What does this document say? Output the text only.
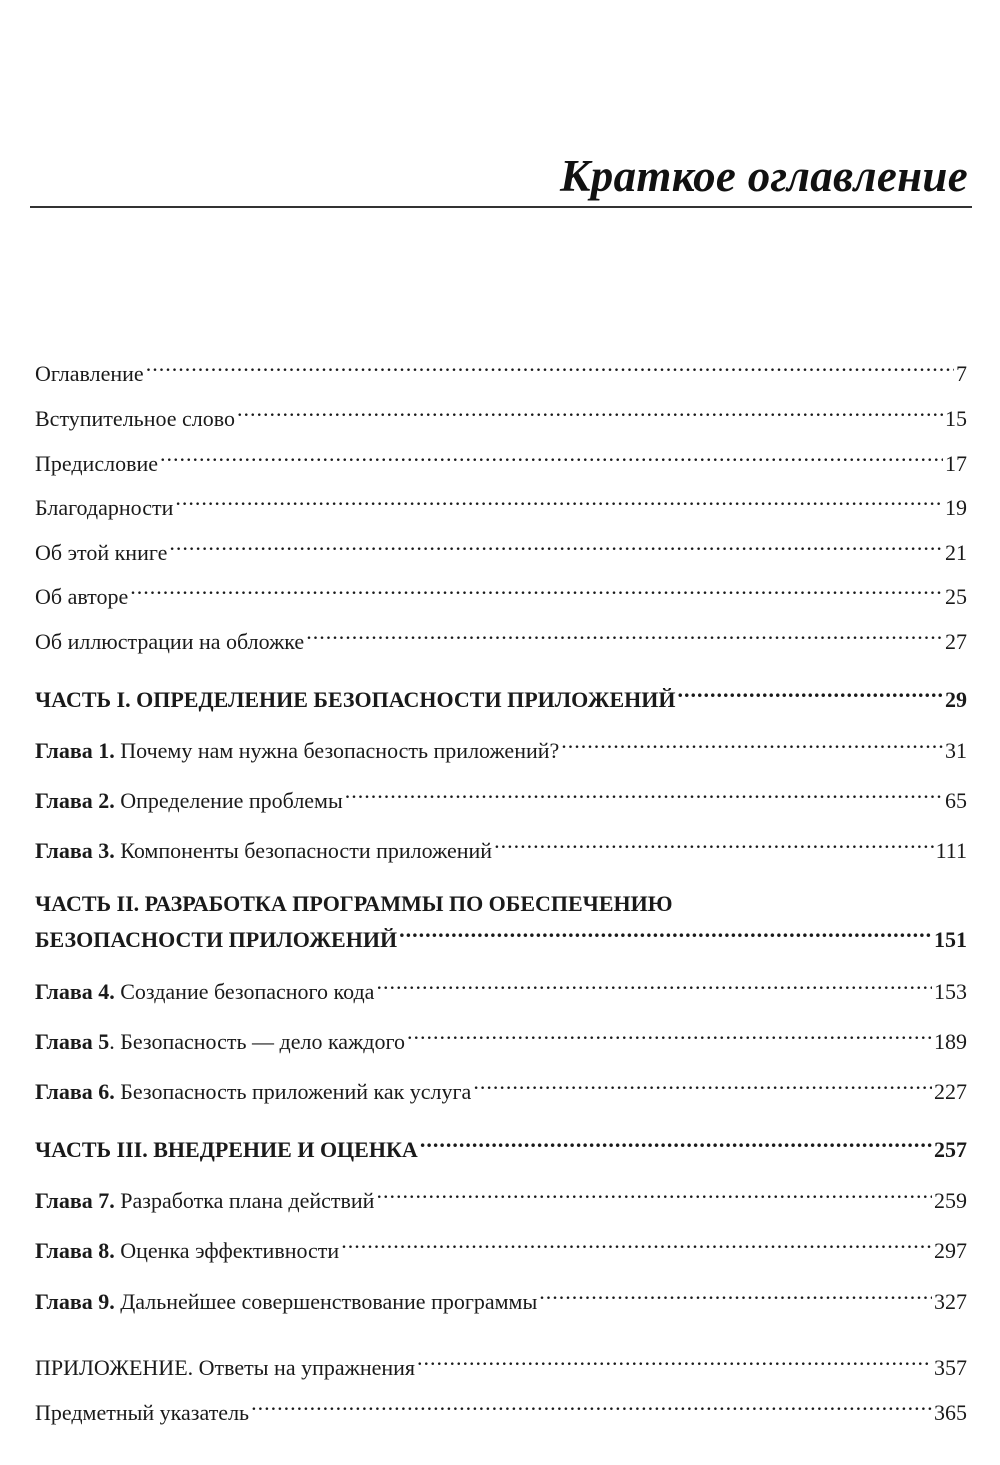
Краткое оглавление
Оглавление .....	7
Вступительное слово .....	15
Предисловие .....	17
Благодарности .....	19
Об этой книге .....	21
Об авторе .....	25
Об иллюстрации на обложке .....	27
ЧАСТЬ I. ОПРЕДЕЛЕНИЕ БЕЗОПАСНОСТИ ПРИЛОЖЕНИЙ .....	29
Глава 1. Почему нам нужна безопасность приложений? .....	31
Глава 2. Определение проблемы .....	65
Глава 3. Компоненты безопасности приложений .....	111
ЧАСТЬ II. РАЗРАБОТКА ПРОГРАММЫ ПО ОБЕСПЕЧЕНИЮ
БЕЗОПАСНОСТИ ПРИЛОЖЕНИЙ .....	151
Глава 4. Создание безопасного кода .....	153
Глава 5. Безопасность — дело каждого .....	189
Глава 6. Безопасность приложений как услуга .....	227
ЧАСТЬ III. ВНЕДРЕНИЕ И ОЦЕНКА .....	257
Глава 7. Разработка плана действий .....	259
Глава 8. Оценка эффективности .....	297
Глава 9. Дальнейшее совершенствование программы .....	327
ПРИЛОЖЕНИЕ. Ответы на упражнения .....	357
Предметный указатель .....	365
